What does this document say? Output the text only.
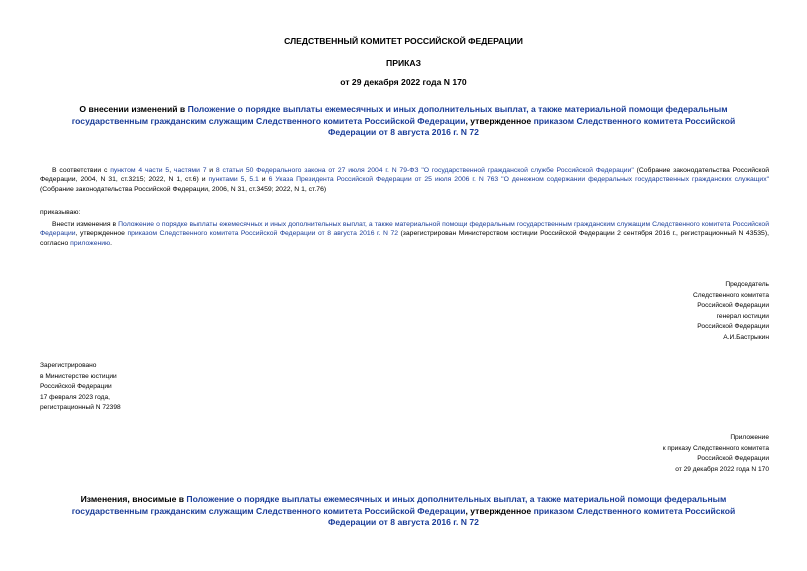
СЛЕДСТВЕННЫЙ КОМИТЕТ РОССИЙСКОЙ ФЕДЕРАЦИИ
ПРИКАЗ
от 29 декабря 2022 года N 170
О внесении изменений в Положение о порядке выплаты ежемесячных и иных дополнительных выплат, а также материальной помощи федеральным государственным гражданским служащим Следственного комитета Российской Федерации, утвержденное приказом Следственного комитета Российской Федерации от 8 августа 2016 г. N 72
В соответствии с пунктом 4 части 5, частями 7 и 8 статьи 50 Федерального закона от 27 июля 2004 г. N 79-ФЗ "О государственной гражданской службе Российской Федерации" (Собрание законодательства Российской Федерации, 2004, N 31, ст.3215; 2022, N 1, ст.6) и пунктами 5, 5.1 и 6 Указа Президента Российской Федерации от 25 июля 2006 г. N 763 "О денежном содержании федеральных государственных гражданских служащих" (Собрание законодательства Российской Федерации, 2006, N 31, ст.3459; 2022, N 1, ст.76)
приказываю:
Внести изменения в Положение о порядке выплаты ежемесячных и иных дополнительных выплат, а также материальной помощи федеральным государственным гражданским служащим Следственного комитета Российской Федерации, утвержденное приказом Следственного комитета Российской Федерации от 8 августа 2016 г. N 72 (зарегистрирован Министерством юстиции Российской Федерации 2 сентября 2016 г., регистрационный N 43535), согласно приложению.
Председатель
Следственного комитета
Российской Федерации
генерал юстиции
Российской Федерации
А.И.Бастрыкин
Зарегистрировано
в Министерстве юстиции
Российской Федерации
17 февраля 2023 года,
регистрационный N 72398
Приложение
к приказу Следственного комитета
Российской Федерации
от 29 декабря 2022 года N 170
Изменения, вносимые в Положение о порядке выплаты ежемесячных и иных дополнительных выплат, а также материальной помощи федеральным государственным гражданским служащим Следственного комитета Российской Федерации, утвержденное приказом Следственного комитета Российской Федерации от 8 августа 2016 г. N 72
